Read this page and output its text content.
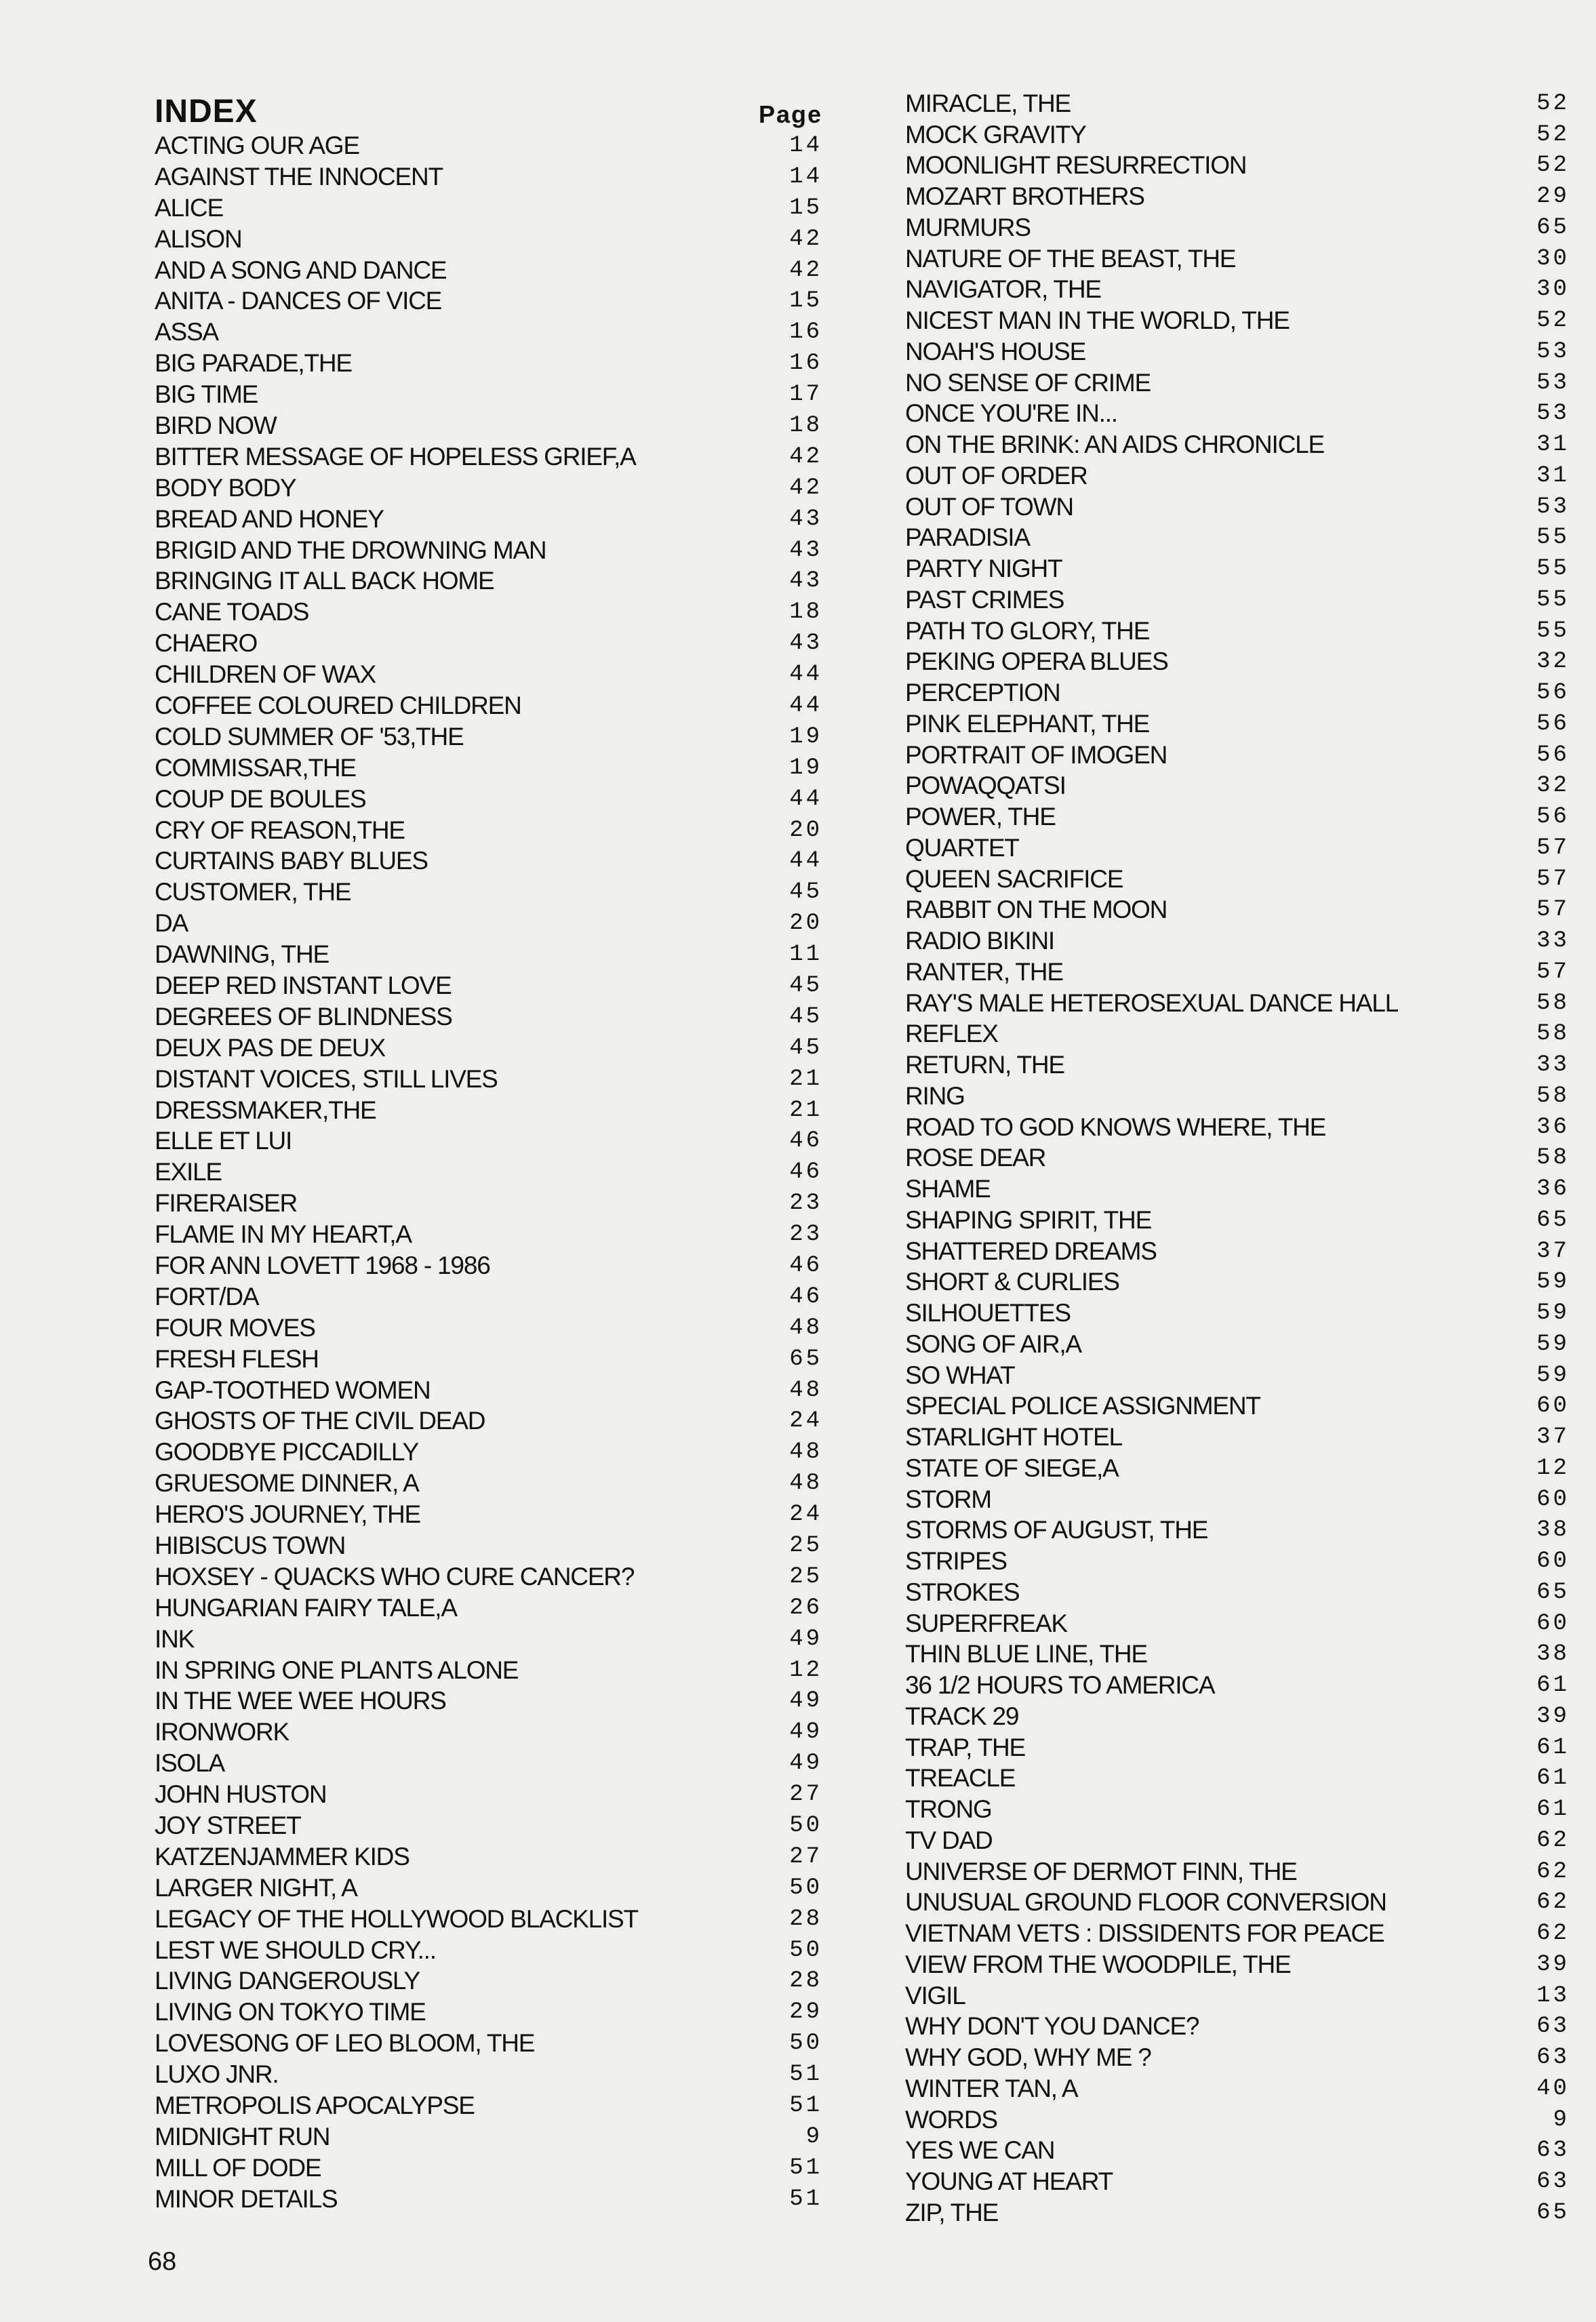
INDEX	Page
ACTING OUR AGE	14
AGAINST THE INNOCENT	14
ALICE	15
ALISON	42
AND A SONG AND DANCE	42
ANITA - DANCES OF VICE	15
ASSA	16
BIG PARADE,THE	16
BIG TIME	17
BIRD NOW	18
BITTER MESSAGE OF HOPELESS GRIEF,A	42
BODY BODY	42
BREAD AND HONEY	43
BRIGID AND THE DROWNING MAN	43
BRINGING IT ALL BACK HOME	43
CANE TOADS	18
CHAERO	43
CHILDREN OF WAX	44
COFFEE COLOURED CHILDREN	44
COLD SUMMER OF '53,THE	19
COMMISSAR,THE	19
COUP DE BOULES	44
CRY OF REASON,THE	20
CURTAINS BABY BLUES	44
CUSTOMER, THE	45
DA	20
DAWNING, THE	11
DEEP RED INSTANT LOVE	45
DEGREES OF BLINDNESS	45
DEUX PAS DE DEUX	45
DISTANT VOICES, STILL LIVES	21
DRESSMAKER,THE	21
ELLE ET LUI	46
EXILE	46
FIRERAISER	23
FLAME IN MY HEART,A	23
FOR ANN LOVETT 1968 - 1986	46
FORT/DA	46
FOUR MOVES	48
FRESH FLESH	65
GAP-TOOTHED WOMEN	48
GHOSTS OF THE CIVIL DEAD	24
GOODBYE PICCADILLY	48
GRUESOME DINNER, A	48
HERO'S JOURNEY, THE	24
HIBISCUS TOWN	25
HOXSEY - QUACKS WHO CURE CANCER?	25
HUNGARIAN FAIRY TALE,A	26
INK	49
IN SPRING ONE PLANTS ALONE	12
IN THE WEE WEE HOURS	49
IRONWORK	49
ISOLA	49
JOHN HUSTON	27
JOY STREET	50
KATZENJAMMER KIDS	27
LARGER NIGHT, A	50
LEGACY OF THE HOLLYWOOD BLACKLIST	28
LEST WE SHOULD CRY...	50
LIVING DANGEROUSLY	28
LIVING ON TOKYO TIME	29
LOVESONG OF LEO BLOOM, THE	50
LUXO JNR.	51
METROPOLIS APOCALYPSE	51
MIDNIGHT RUN	9
MILL OF DODE	51
MINOR DETAILS	51
MIRACLE, THE	52
MOCK GRAVITY	52
MOONLIGHT RESURRECTION	52
MOZART BROTHERS	29
MURMURS	65
NATURE OF THE BEAST, THE	30
NAVIGATOR, THE	30
NICEST MAN IN THE WORLD, THE	52
NOAH'S HOUSE	53
NO SENSE OF CRIME	53
ONCE YOU'RE IN...	53
ON THE BRINK: AN AIDS CHRONICLE	31
OUT OF ORDER	31
OUT OF TOWN	53
PARADISIA	55
PARTY NIGHT	55
PAST CRIMES	55
PATH TO GLORY, THE	55
PEKING OPERA BLUES	32
PERCEPTION	56
PINK ELEPHANT, THE	56
PORTRAIT OF IMOGEN	56
POWAQQATSI	32
POWER, THE	56
QUARTET	57
QUEEN SACRIFICE	57
RABBIT ON THE MOON	57
RADIO BIKINI	33
RANTER, THE	57
RAY'S MALE HETEROSEXUAL DANCE HALL	58
REFLEX	58
RETURN, THE	33
RING	58
ROAD TO GOD KNOWS WHERE, THE	36
ROSE DEAR	58
SHAME	36
SHAPING SPIRIT, THE	65
SHATTERED DREAMS	37
SHORT & CURLIES	59
SILHOUETTES	59
SONG OF AIR,A	59
SO WHAT	59
SPECIAL POLICE ASSIGNMENT	60
STARLIGHT HOTEL	37
STATE OF SIEGE,A	12
STORM	60
STORMS OF AUGUST, THE	38
STRIPES	60
STROKES	65
SUPERFREAK	60
THIN BLUE LINE, THE	38
36 1/2 HOURS TO AMERICA	61
TRACK 29	39
TRAP, THE	61
TREACLE	61
TRONG	61
TV DAD	62
UNIVERSE OF DERMOT FINN, THE	62
UNUSUAL GROUND FLOOR CONVERSION	62
VIETNAM VETS : DISSIDENTS FOR PEACE	62
VIEW FROM THE WOODPILE, THE	39
VIGIL	13
WHY DON'T YOU DANCE?	63
WHY GOD, WHY ME ?	63
WINTER TAN, A	40
WORDS	9
YES WE CAN	63
YOUNG AT HEART	63
ZIP, THE	65
68
